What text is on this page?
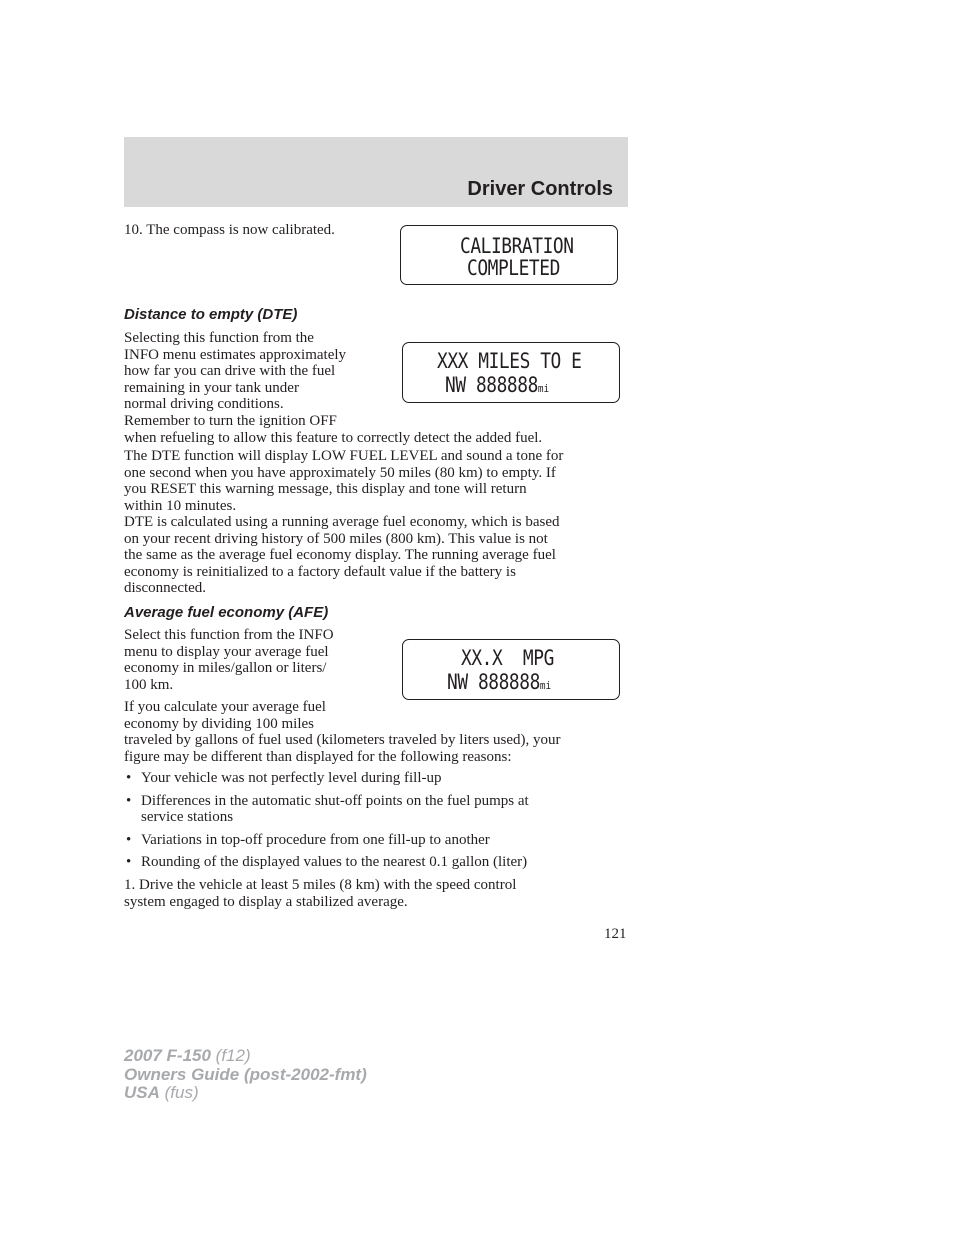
Driver Controls

10. The compass is now calibrated.

CALIBRATION
COMPLETED
Distance to empty (DTE)
Selecting this function from the
INFO menu estimates approximately
how far you can drive with the fuel
remaining in your tank under
normal driving conditions.
Remember to turn the ignition OFF
when refueling to allow this feature to correctly detect the added fuel.
XXX MILES TO E
NW 888888mi
The DTE function will display LOW FUEL LEVEL and sound a tone for
one second when you have approximately 50 miles (80 km) to empty. If
you RESET this warning message, this display and tone will return
within 10 minutes.
DTE is calculated using a running average fuel economy, which is based
on your recent driving history of 500 miles (800 km). This value is not
the same as the average fuel economy display. The running average fuel
economy is reinitialized to a factory default value if the battery is
disconnected.
Average fuel economy (AFE)
Select this function from the INFO
menu to display your average fuel
economy in miles/gallon or liters/
100 km.
XX.X  MPG
NW 888888mi
If you calculate your average fuel
economy by dividing 100 miles
traveled by gallons of fuel used (kilometers traveled by liters used), your
figure may be different than displayed for the following reasons:
• Your vehicle was not perfectly level during fill-up
• Differences in the automatic shut-off points on the fuel pumps at
service stations
• Variations in top-off procedure from one fill-up to another
• Rounding of the displayed values to the nearest 0.1 gallon (liter)
1. Drive the vehicle at least 5 miles (8 km) with the speed control
system engaged to display a stabilized average.
121
2007 F-150 (f12)
Owners Guide (post-2002-fmt)
USA (fus)
